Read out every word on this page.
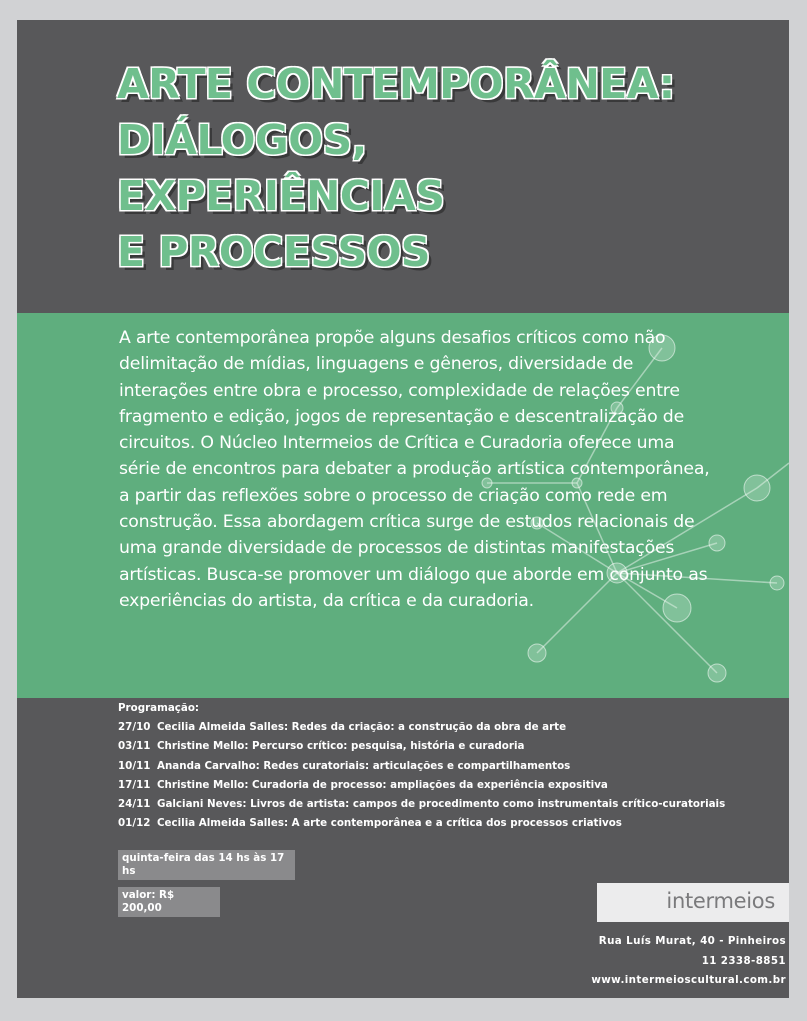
ARTE CONTEMPORÂNEA:
DIÁLOGOS,
EXPERIÊNCIAS
E PROCESSOS

A arte contemporânea propõe alguns desafios críticos como não delimitação de mídias, linguagens e gêneros, diversidade de interações entre obra e processo, complexidade de relações entre fragmento e edição, jogos de representação e descentralização de circuitos. O Núcleo Intermeios de Crítica e Curadoria oferece uma série de encontros para debater a produção artística contemporânea, a partir das reflexões sobre o processo de criação como rede em construção. Essa abordagem crítica surge de estudos relacionais de uma grande diversidade de processos de distintas manifestações artísticas. Busca-se promover um diálogo que aborde em conjunto as experiências do artista, da crítica e da curadoria.

Programação:
27/10 Cecilia Almeida Salles: Redes da criação: a construção da obra de arte
03/11 Christine Mello: Percurso crítico: pesquisa, história e curadoria
10/11 Ananda Carvalho: Redes curatoriais: articulações e compartilhamentos
17/11 Christine Mello: Curadoria de processo: ampliações da experiência expositiva
24/11 Galciani Neves: Livros de artista: campos de procedimento como instrumentais crítico-curatoriais
01/12 Cecilia Almeida Salles: A arte contemporânea e a crítica dos processos criativos
quinta-feira das 14 hs às 17 hs
valor: R$ 200,00	intermeios
Rua Luís Murat, 40 - Pinheiros
11 2338-8851
www.intermeioscultural.com.br
